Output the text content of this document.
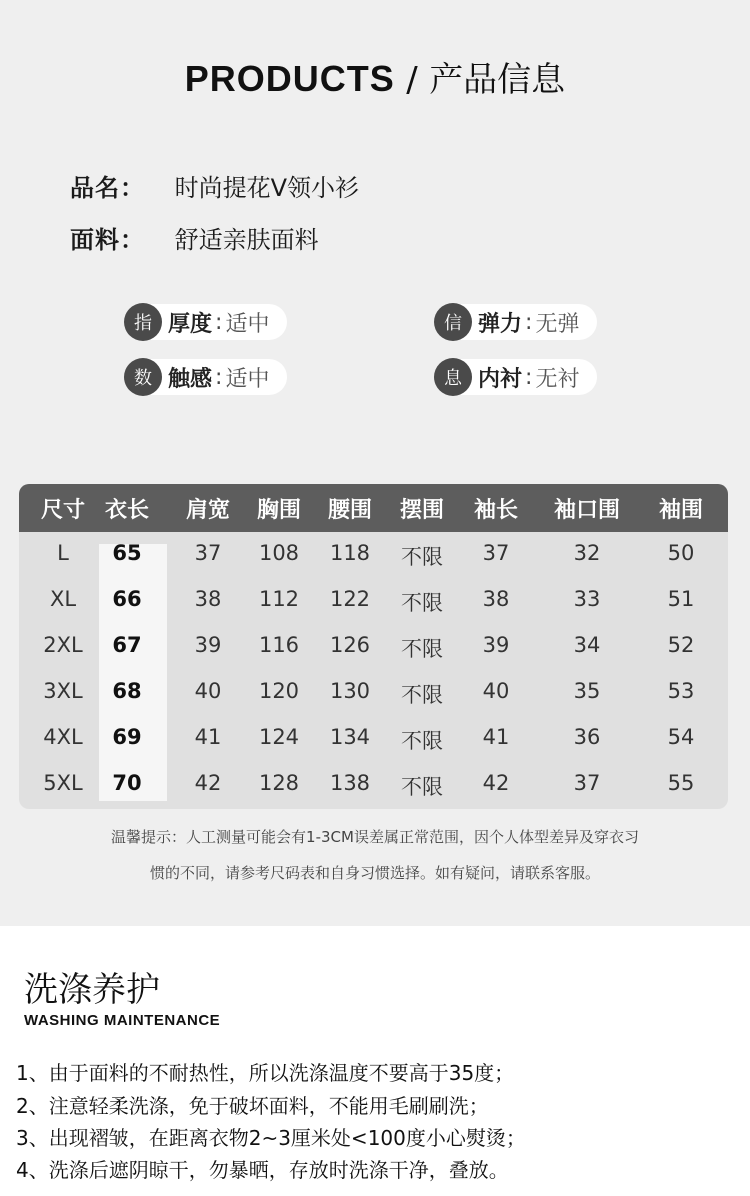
PRODUCTS / 产品信息
品名： 时尚提花V领小衫
面料： 舒适亲肤面料
指 厚度 : 适中	信 弹力 : 无弹
数 触感 : 适中	息 内衬 : 无衬
尺寸 衣长 肩宽 胸围 腰围 摆围 袖长 袖口围 袖围
L 65	37 108 118 不限 37	32	50
XL 66	38 112 122 不限 38	33	51
2XL 67	39 116 126 不限 39	34	52
3XL 68	40 120 130 不限 40	35	53
4XL 69	41 124 134 不限 41	36	54
5XL 70	42 128 138 不限 42	37	55
温馨提示：人工测量可能会有1-3CM误差属正常范围，因个人体型差异及穿衣习
惯的不同，请参考尺码表和自身习惯选择。如有疑问，请联系客服。
洗涤养护
WASHING MAINTENANCE
1、由于面料的不耐热性，所以洗涤温度不要高于35度；
2、注意轻柔洗涤，免于破坏面料，不能用毛刷刷洗；
3、出现褶皱，在距离衣物2~3厘米处<100度小心熨烫；
4、洗涤后遮阴晾干，勿暴晒，存放时洗涤干净，叠放。
